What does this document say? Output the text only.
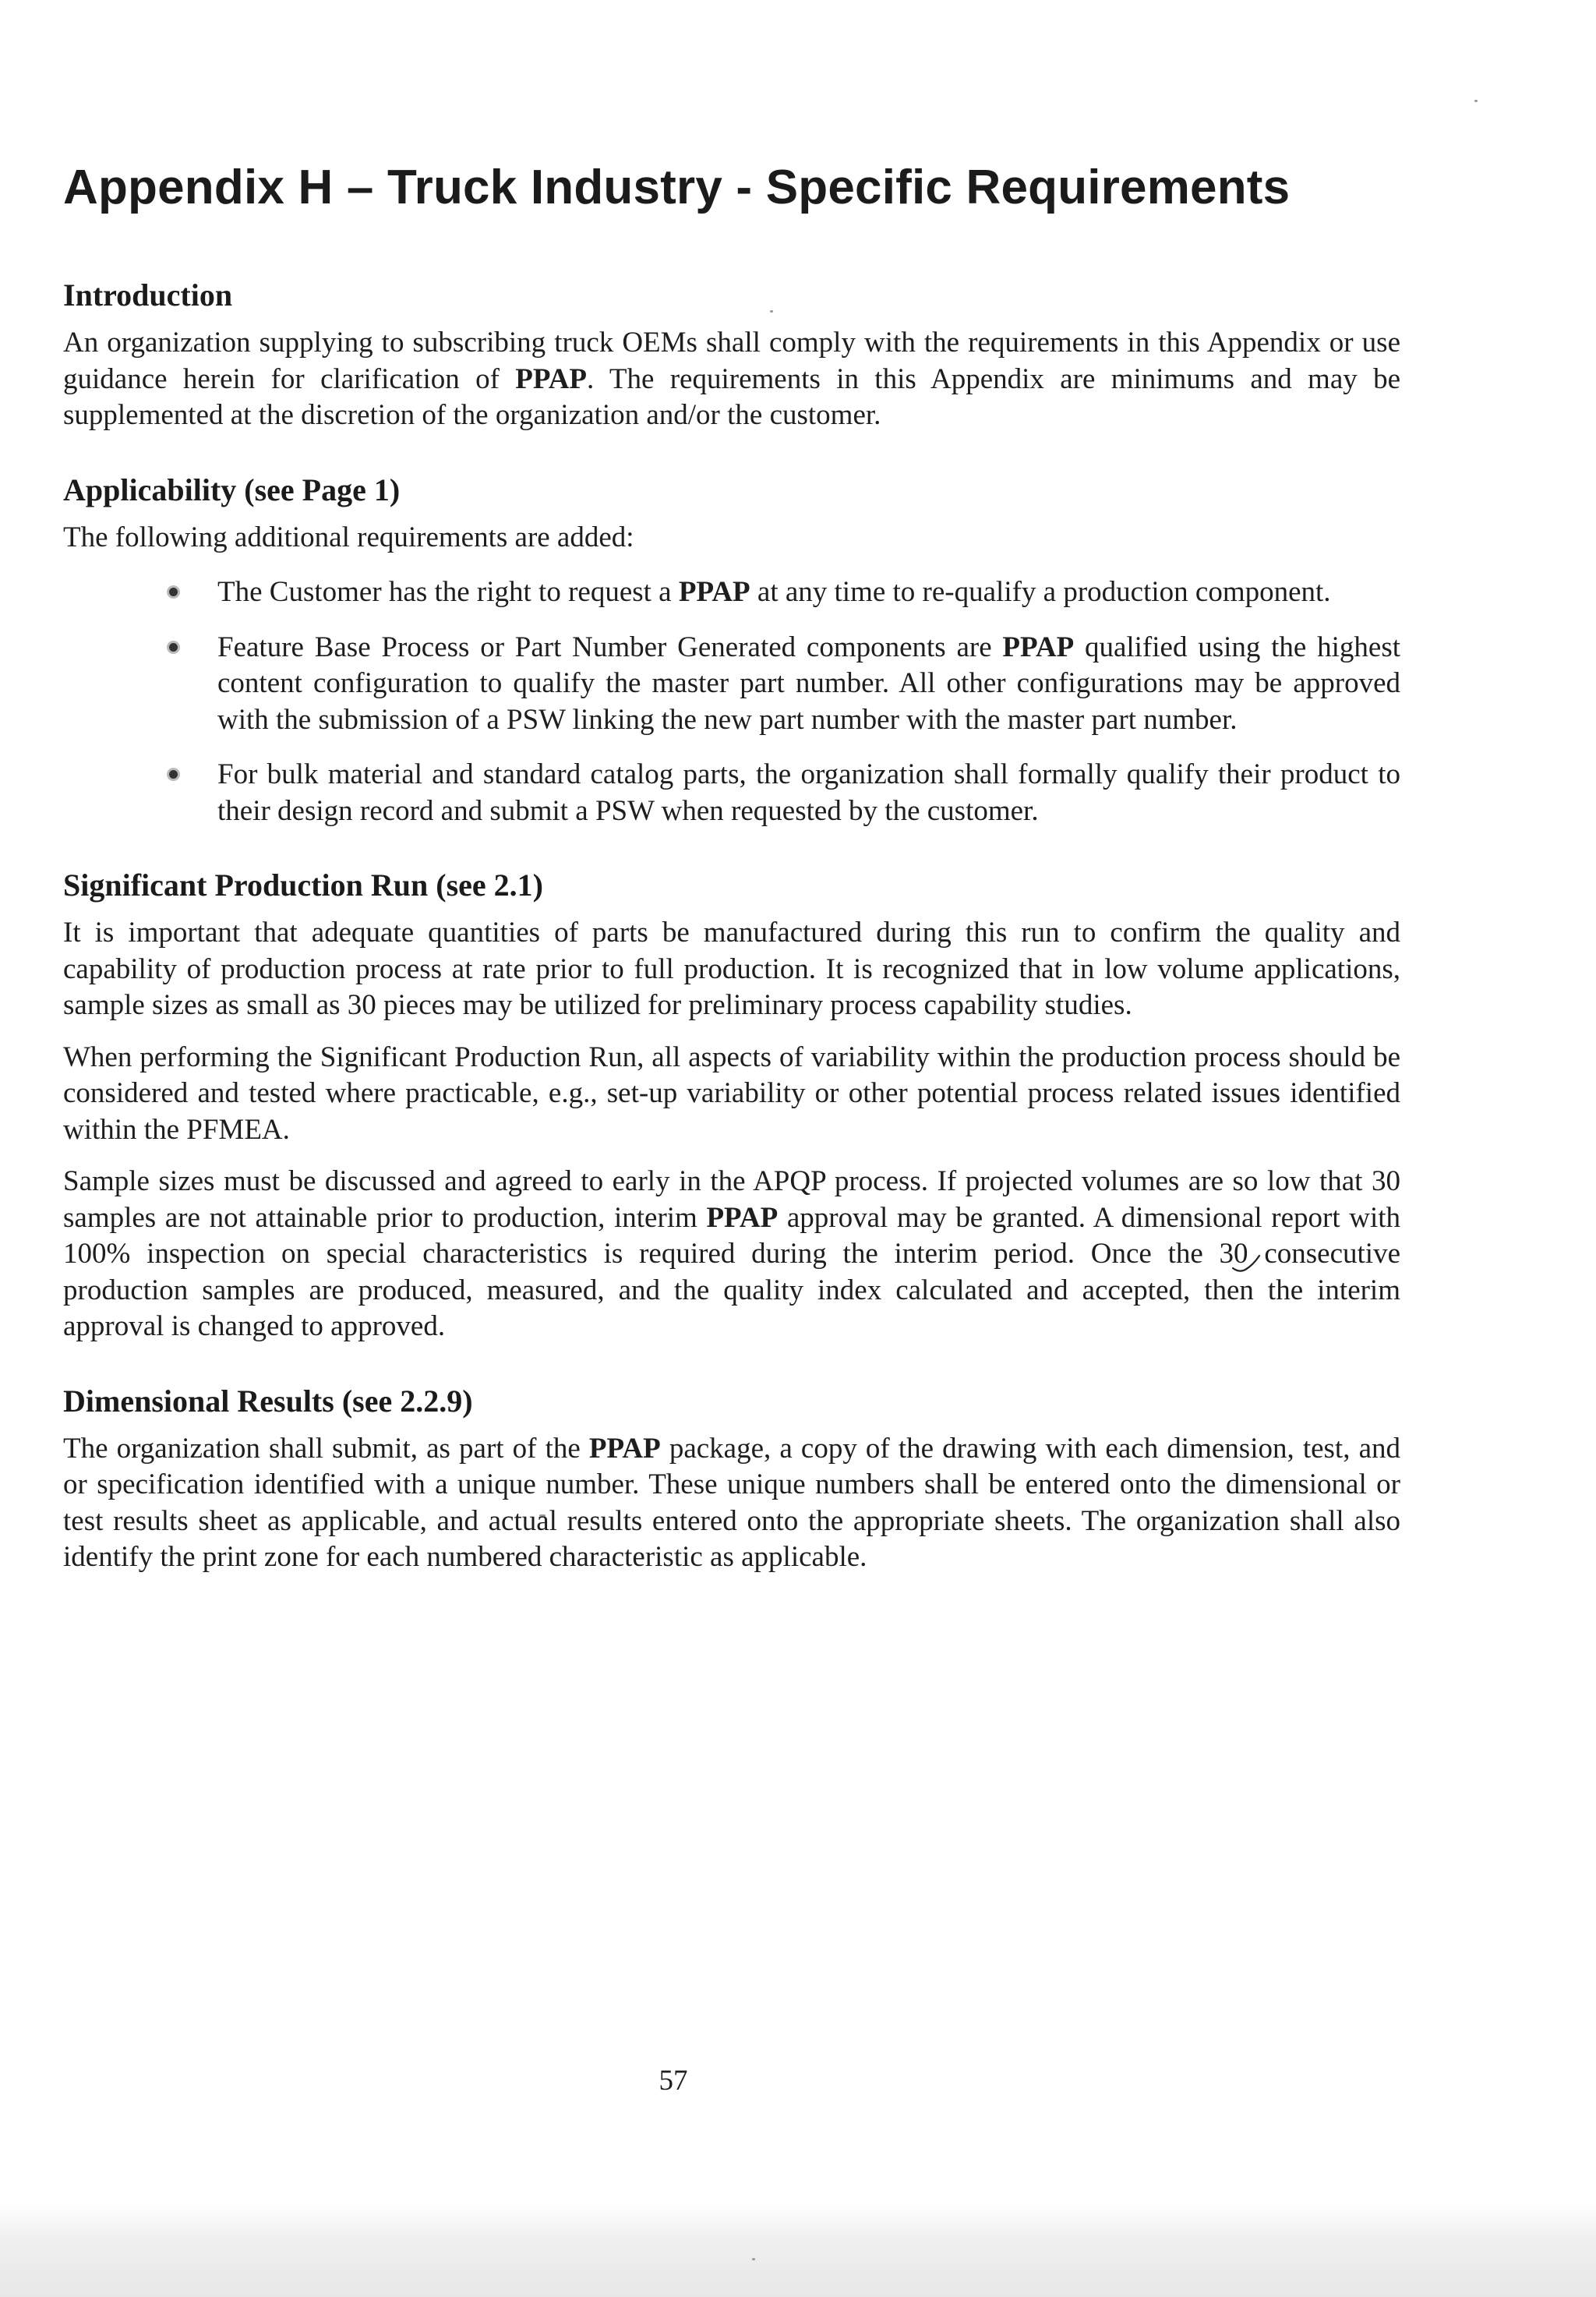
Appendix H – Truck Industry - Specific Requirements
Introduction

An organization supplying to subscribing truck OEMs shall comply with the requirements in this Appendix or use guidance herein for clarification of PPAP. The requirements in this Appendix are minimums and may be supplemented at the discretion of the organization and/or the customer.

Applicability (see Page 1)

The following additional requirements are added:

The Customer has the right to request a PPAP at any time to re-qualify a production component.
Feature Base Process or Part Number Generated components are PPAP qualified using the highest content configuration to qualify the master part number. All other configurations may be approved with the submission of a PSW linking the new part number with the master part number.
For bulk material and standard catalog parts, the organization shall formally qualify their product to their design record and submit a PSW when requested by the customer.
Significant Production Run (see 2.1)

It is important that adequate quantities of parts be manufactured during this run to confirm the quality and capability of production process at rate prior to full production. It is recognized that in low volume applications, sample sizes as small as 30 pieces may be utilized for preliminary process capability studies.

When performing the Significant Production Run, all aspects of variability within the production process should be considered and tested where practicable, e.g., set-up variability or other potential process related issues identified within the PFMEA.

Sample sizes must be discussed and agreed to early in the APQP process. If projected volumes are so low that 30 samples are not attainable prior to production, interim PPAP approval may be granted. A dimensional report with 100% inspection on special characteristics is required during the interim period. Once the 30 consecutive production samples are produced, measured, and the quality index calculated and accepted, then the interim approval is changed to approved.

Dimensional Results (see 2.2.9)

The organization shall submit, as part of the PPAP package, a copy of the drawing with each dimension, test, and or specification identified with a unique number. These unique numbers shall be entered onto the dimensional or test results sheet as applicable, and actual results entered onto the appropriate sheets. The organization shall also identify the print zone for each numbered characteristic as applicable.

57
